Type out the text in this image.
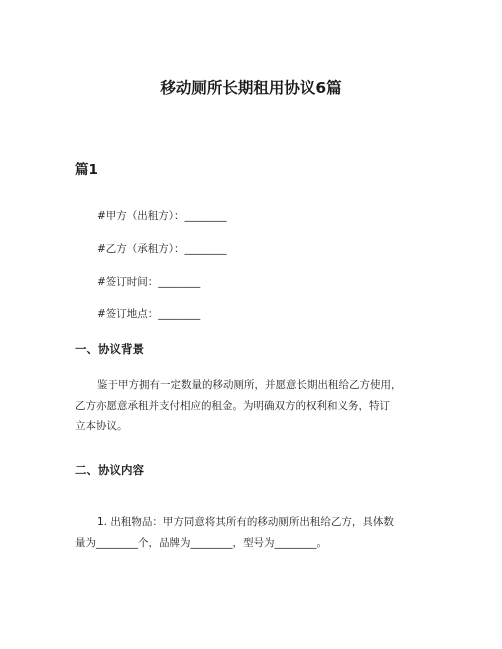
移动厕所长期租用协议6篇
篇1

#甲方（出租方）：________

#乙方（承租方）：________

#签订时间：________

#签订地点：________

一、协议背景
鉴于甲方拥有一定数量的移动厕所，并愿意长期出租给乙方使用，
乙方亦愿意承租并支付相应的租金。为明确双方的权利和义务，特订
立本协议。
二、协议内容
1. 出租物品：甲方同意将其所有的移动厕所出租给乙方，具体数
量为________个，品牌为________，型号为________。
